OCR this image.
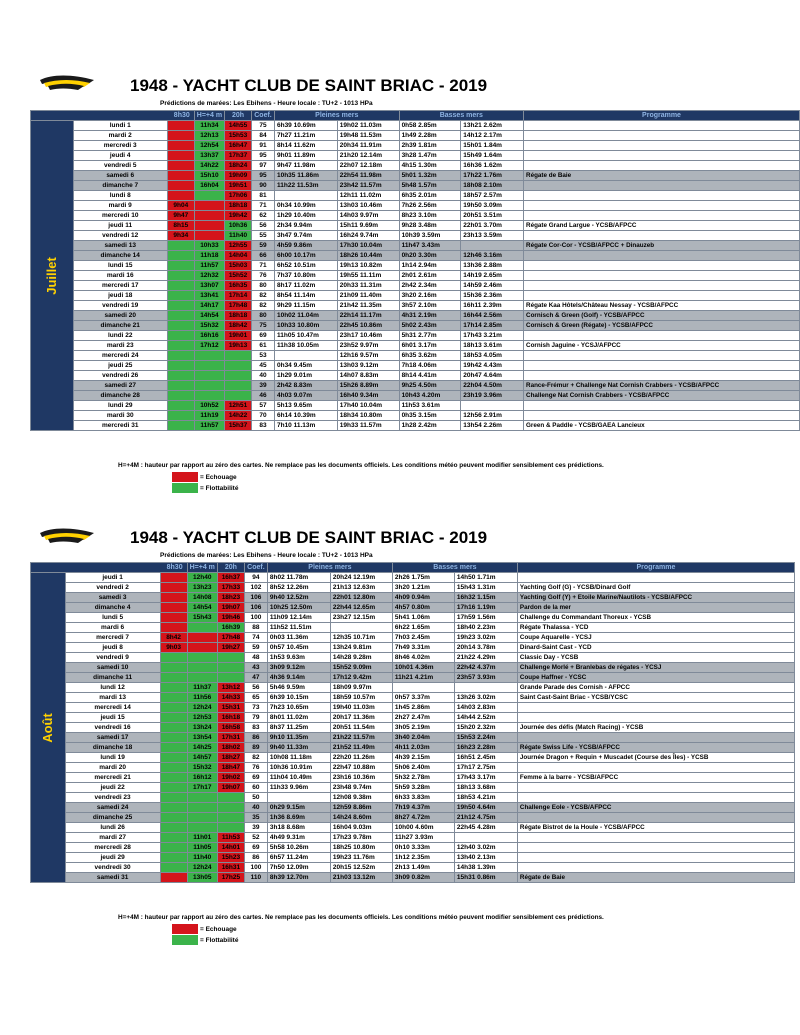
1948 - YACHT CLUB DE SAINT BRIAC - 2019
Prédictions de marées: Les Ebihens - Heure locale : TU+2 - 1013 HPa
8h30			H=+4 m	20h	Coef.	Pleines mers		Basses mers		Programme
Juillet	lundi 1		11h34	14h55	75	6h39 10.69m	19h02 11.03m	0h58 2.85m	13h21 2.62m	
	mardi 2		12h13	15h53	84	7h27 11.21m	19h48 11.53m	1h49 2.28m	14h12 2.17m	
	mercredi 3		12h54	16h47	91	8h14 11.62m	20h34 11.91m	2h39 1.81m	15h01 1.84m	
	jeudi 4		13h37	17h37	95	9h01 11.89m	21h20 12.14m	3h28 1.47m	15h49 1.64m	
	vendredi 5		14h22	18h24	97	9h47 11.98m	22h07 12.18m	4h15 1.30m	16h36 1.62m	
	samedi 6		15h10	19h09	95	10h35 11.86m	22h54 11.98m	5h01 1.32m	17h22 1.76m	Régate de Baie
	dimanche 7		16h04	19h51	90	11h22 11.53m	23h42 11.57m	5h48 1.57m	18h08 2.10m	
	lundi 8			17h06	81		12h11 11.02m	6h35 2.01m	18h57 2.57m	
	mardi 9	9h04		18h18	71	0h34 10.99m	13h03 10.46m	7h26 2.56m	19h50 3.09m	
	mercredi 10	9h47		19h42	62	1h29 10.40m	14h03 9.97m	8h23 3.10m	20h51 3.51m	
	jeudi 11	8h15		10h36	56	2h34 9.94m	15h11 9.69m	9h28 3.48m	22h01 3.70m	Régate Grand Largue - YCSB/AFPCC
	vendredi 12	9h34		11h40	55	3h47 9.74m	16h24 9.74m	10h39 3.59m	23h13 3.59m	
	samedi 13		10h33	12h55	59	4h59 9.86m	17h30 10.04m	11h47 3.43m		Régate Cor-Cor - YCSB/AFPCC + Dinauzeb
	dimanche 14		11h18	14h04	66	6h00 10.17m	18h26 10.44m	0h20 3.30m	12h46 3.16m	
	lundi 15		11h57	15h03	71	6h52 10.51m	19h13 10.82m	1h14 2.94m	13h36 2.88m	
	mardi 16		12h32	15h52	76	7h37 10.80m	19h55 11.11m	2h01 2.61m	14h19 2.65m	
	mercredi 17		13h07	16h35	80	8h17 11.02m	20h33 11.31m	2h42 2.34m	14h59 2.46m	
	jeudi 18		13h41	17h14	82	8h54 11.14m	21h09 11.40m	3h20 2.16m	15h36 2.36m	
	vendredi 19		14h17	17h48	82	9h29 11.15m	21h42 11.35m	3h57 2.10m	16h11 2.39m	Régate Kaa Hôtels/Château Nessay - YCSB/AFPCC
	samedi 20		14h54	18h18	80	10h02 11.04m	22h14 11.17m	4h31 2.19m	16h44 2.56m	Cornisch & Green (Golf) - YCSB/AFPCC
	dimanche 21		15h32	18h42	75	10h33 10.80m	22h45 10.86m	5h02 2.43m	17h14 2.85m	Cornisch & Green (Régate) - YCSB/AFPCC
	lundi 22		16h16	19h01	69	11h05 10.47m	23h17 10.46m	5h31 2.77m	17h43 3.21m	
	mardi 23		17h12	19h13	61	11h38 10.05m	23h52 9.97m	6h01 3.17m	18h13 3.61m	Cornish Jaguine - YCSJ/AFPCC
	mercredi 24				53		12h16 9.57m	6h35 3.62m	18h53 4.05m	
	jeudi 25				45	0h34 9.45m	13h03 9.12m	7h18 4.06m	19h42 4.43m	
	vendredi 26				40	1h29 9.01m	14h07 8.83m	8h14 4.41m	20h47 4.64m	
	samedi 27				39	2h42 8.83m	15h26 8.89m	9h25 4.50m	22h04 4.50m	Rance-Frémur + Challenge Nat Cornish Crabbers - YCSB/AFPCC
	dimanche 28				46	4h03 9.07m	16h40 9.34m	10h43 4.20m	23h19 3.96m	Challenge Nat Cornish Crabbers - YCSB/AFPCC
	lundi 29		10h52	12h51	57	5h13 9.65m	17h40 10.04m	11h53 3.61m		
	mardi 30		11h19	14h22	70	6h14 10.39m	18h34 10.80m	0h35 3.15m	12h56 2.91m	
	mercredi 31		11h57	15h37	83	7h10 11.13m	19h33 11.57m	1h28 2.42m	13h54 2.26m	Green & Paddle - YCSB/GAEA Lancieux
H=+4M : hauteur par rapport au zéro des cartes. Ne remplace pas les documents officiels. Les conditions météo peuvent modifier sensiblement ces prédictions.
= Echouage
= Flottabilité
1948 - YACHT CLUB DE SAINT BRIAC - 2019
Prédictions de marées: Les Ebihens - Heure locale : TU+2 - 1013 HPa
8h30			H=+4 m	20h	Coef.	Pleines mers		Basses mers		Programme
Août	jeudi 1		12h40	16h37	94	8h02 11.78m	20h24 12.19m	2h26 1.75m	14h50 1.71m	
	vendredi 2		13h23	17h33	102	8h52 12.26m	21h13 12.63m	3h20 1.21m	15h43 1.31m	Yachting Golf (G) - YCSB/Dinard Golf
	samedi 3		14h08	18h23	106	9h40 12.52m	22h01 12.80m	4h09 0.94m	16h32 1.15m	Yachting Golf (Y) + Etoile Marine/Nautilots - YCSB/AFPCC
	dimanche 4		14h54	19h07	106	10h25 12.50m	22h44 12.65m	4h57 0.80m	17h16 1.19m	Pardon de la mer
	lundi 5		15h43	19h46	100	11h09 12.14m	23h27 12.15m	5h41 1.06m	17h59 1.56m	Challenge du Commandant Thoreux - YCSB
	mardi 6			16h39	88	11h52 11.51m		6h22 1.65m	18h40 2.23m	Régate Thalassa - YCD
	mercredi 7	8h42		17h48	74	0h03 11.36m	12h35 10.71m	7h03 2.45m	19h23 3.02m	Coupe Aquarelle - YCSJ
	jeudi 8	9h03		19h27	59	0h57 10.45m	13h24 9.81m	7h49 3.31m	20h14 3.78m	Dinard-Saint Cast - YCD
	vendredi 9				48	1h53 9.63m	14h28 9.28m	8h46 4.02m	21h22 4.29m	Classic Day - YCSB
	samedi 10				43	3h09 9.12m	15h52 9.09m	10h01 4.36m	22h42 4.37m	Challenge Morlé + Branlebas de régates - YCSJ
	dimanche 11				47	4h36 9.14m	17h12 9.42m	11h21 4.21m	23h57 3.93m	Coupe Haffner - YCSC
	lundi 12		11h37	13h12	56	5h46 9.59m	18h09 9.97m			Grande Parade des Cornish - AFPCC
	mardi 13		11h56	14h33	65	6h39 10.15m	18h59 10.57m	0h57 3.37m	13h26 3.02m	Saint Cast-Saint Briac - YCSB/YCSC
	mercredi 14		12h24	15h31	73	7h23 10.65m	19h40 11.03m	1h45 2.86m	14h03 2.83m	
	jeudi 15		12h53	16h18	79	8h01 11.02m	20h17 11.36m	2h27 2.47m	14h44 2.52m	
	vendredi 16		13h24	16h58	83	8h37 11.25m	20h51 11.54m	3h05 2.19m	15h20 2.32m	Journée des défis (Match Racing) - YCSB
	samedi 17		13h54	17h31	86	9h10 11.35m	21h22 11.57m	3h40 2.04m	15h53 2.24m	
	dimanche 18		14h25	18h02	89	9h40 11.33m	21h52 11.49m	4h11 2.03m	16h23 2.28m	Régate Swiss Life - YCSB/AFPCC
	lundi 19		14h57	18h27	82	10h08 11.18m	22h20 11.26m	4h39 2.15m	16h51 2.45m	Journée Dragon + Requin + Muscadet (Course des Îles) - YCSB
	mardi 20		15h32	18h47	76	10h36 10.91m	22h47 10.88m	5h06 2.40m	17h17 2.75m	
	mercredi 21		16h12	19h02	69	11h04 10.49m	23h16 10.36m	5h32 2.78m	17h43 3.17m	Femme à la barre - YCSB/AFPCC
	jeudi 22		17h17	19h07	60	11h33 9.96m	23h48 9.74m	5h59 3.28m	18h13 3.68m	
	vendredi 23				50		12h08 9.38m	6h33 3.83m	18h53 4.21m	
	samedi 24				40	0h29 9.15m	12h59 8.86m	7h19 4.37m	19h50 4.64m	Challenge Eole - YCSB/AFPCC
	dimanche 25				35	1h36 8.69m	14h24 8.60m	8h27 4.72m	21h12 4.75m	
	lundi 26				39	3h18 8.68m	16h04 9.03m	10h00 4.60m	22h45 4.28m	Régate Bistrot de la Houle - YCSB/AFPCC
	mardi 27		11h01	11h53	52	4h49 9.31m	17h23 9.78m	11h27 3.93m		
	mercredi 28		11h05	14h01	69	5h58 10.26m	18h25 10.80m	0h10 3.33m	12h40 3.02m	
	jeudi 29		11h40	15h23	86	6h57 11.24m	19h23 11.76m	1h12 2.35m	13h40 2.13m	
	vendredi 30		12h24	16h31	100	7h50 12.09m	20h15 12.52m	2h13 1.49m	14h38 1.39m	
	samedi 31		13h05	17h25	110	8h39 12.70m	21h03 13.12m	3h09 0.82m	15h31 0.86m	Régate de Baie
H=+4M : hauteur par rapport au zéro des cartes. Ne remplace pas les documents officiels. Les conditions météo peuvent modifier sensiblement ces prédictions.
= Echouage
= Flottabilité
